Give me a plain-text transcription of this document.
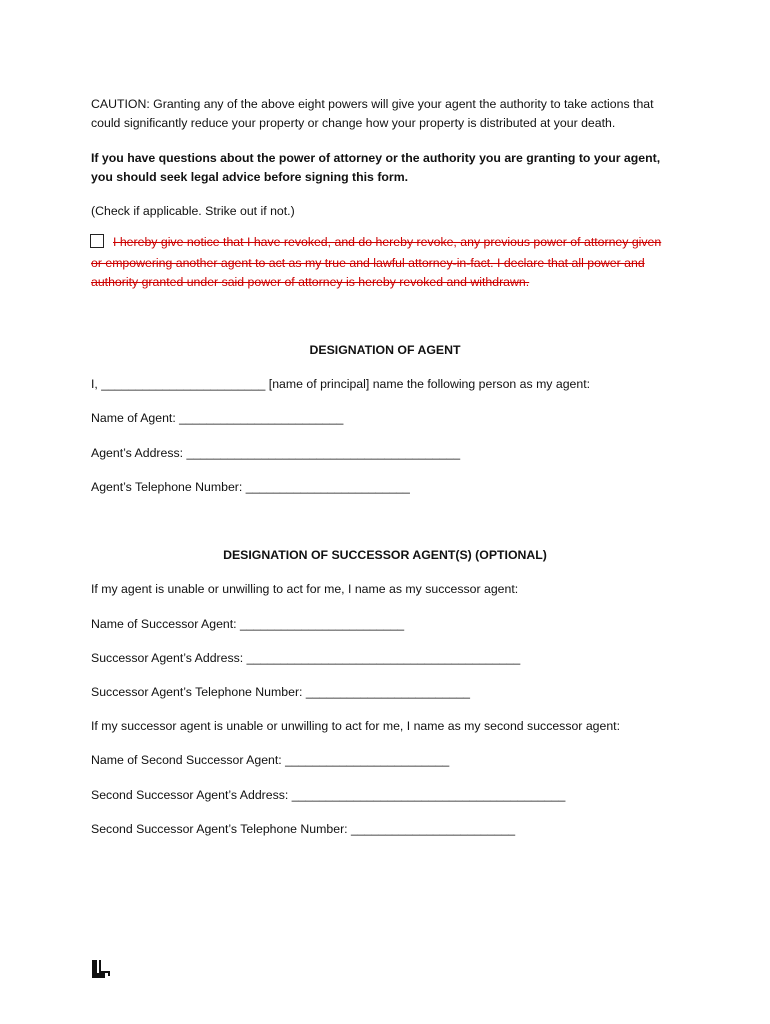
CAUTION: Granting any of the above eight powers will give your agent the authority to take actions that

could significantly reduce your property or change how your property is distributed at your death.

If you have questions about the power of attorney or the authority you are granting to your agent,

you should seek legal advice before signing this form.

(Check if applicable. Strike out if not.)

I hereby give notice that I have revoked, and do hereby revoke, any previous power of attorney given

or empowering another agent to act as my true and lawful attorney-in-fact. I declare that all power and

authority granted under said power of attorney is hereby revoked and withdrawn.

DESIGNATION OF AGENT

I, ________________________ [name of principal] name the following person as my agent:

Name of Agent: ________________________

Agent’s Address: ________________________________________

Agent’s Telephone Number: ________________________

DESIGNATION OF SUCCESSOR AGENT(S) (OPTIONAL)

If my agent is unable or unwilling to act for me, I name as my successor agent:

Name of Successor Agent: ________________________

Successor Agent’s Address: ________________________________________

Successor Agent’s Telephone Number: ________________________

If my successor agent is unable or unwilling to act for me, I name as my second successor agent:

Name of Second Successor Agent: ________________________

Second Successor Agent’s Address: ________________________________________

Second Successor Agent’s Telephone Number: ________________________
